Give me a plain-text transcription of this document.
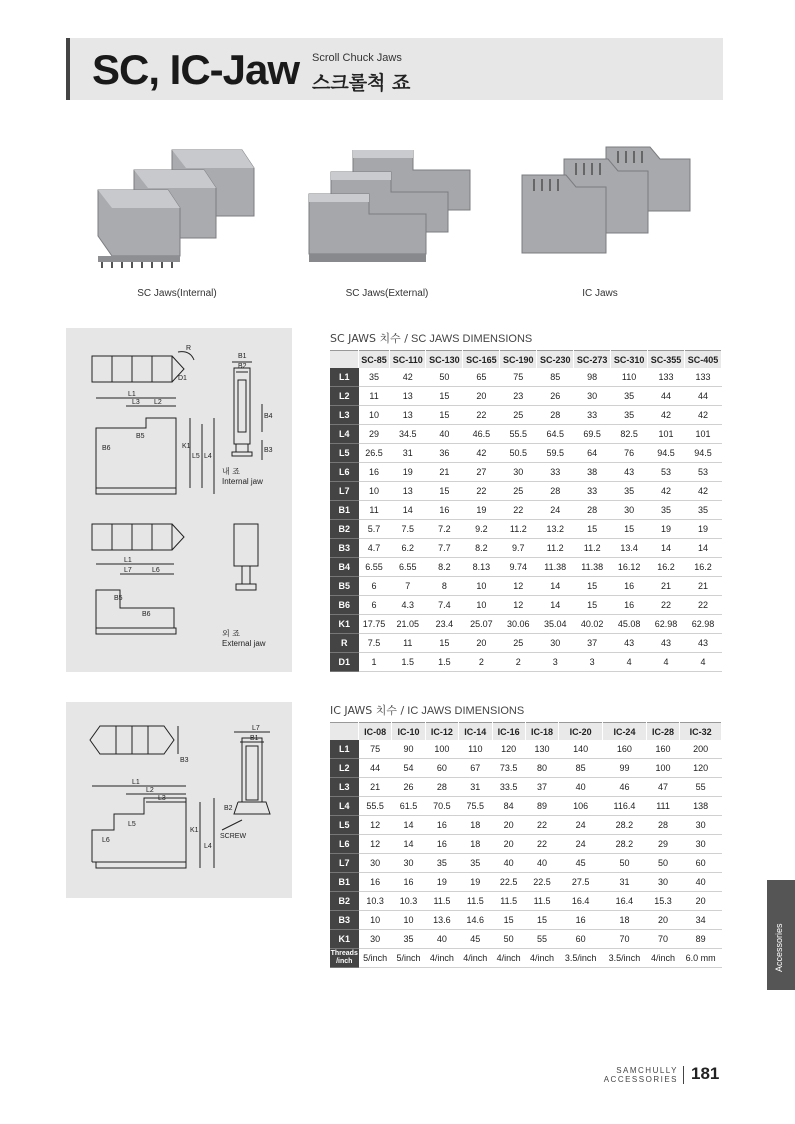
SC, IC-Jaw Scroll Chuck Jaws
스크롤척 죠
SC Jaws(Internal)	SC Jaws(External)	IC Jaws
R
D1
B1
B2
B4
B3
L1
L3 L2
B5
B6	K1
L5 L4
L1
L7	L6
B5
B6
내 죠
Internal jaw
외 죠
External jaw
SC JAWS 치수 / SC JAWS DIMENSIONS
	SC-85	SC-110	SC-130	SC-165	SC-190	SC-230	SC-273	SC-310	SC-355	SC-405
L1	35	42	50	65	75	85	98	110	133	133
L2	11	13	15	20	23	26	30	35	44	44
L3	10	13	15	22	25	28	33	35	42	42
L4	29	34.5	40	46.5	55.5	64.5	69.5	82.5	101	101
L5	26.5	31	36	42	50.5	59.5	64	76	94.5	94.5
L6	16	19	21	27	30	33	38	43	53	53
L7	10	13	15	22	25	28	33	35	42	42
B1	11	14	16	19	22	24	28	30	35	35
B2	5.7	7.5	7.2	9.2	11.2	13.2	15	15	19	19
B3	4.7	6.2	7.7	8.2	9.7	11.2	11.2	13.4	14	14
B4	6.55	6.55	8.2	8.13	9.74	11.38	11.38	16.12	16.2	16.2
B5	6	7	8	10	12	14	15	16	21	21
B6	6	4.3	7.4	10	12	14	15	16	22	22
K1	17.75	21.05	23.4	25.07	30.06	35.04	40.02	45.08	62.98	62.98
R	7.5	11	15	20	25	30	37	43	43	43
D1	1	1.5	1.5	2	2	3	3	4	4	4
B3
L7
B1
B2
L1
L2
L3
L5
L6
K1
L4
SCREW
IC JAWS 치수 / IC JAWS DIMENSIONS
	IC-08	IC-10	IC-12	IC-14	IC-16	IC-18	IC-20	IC-24	IC-28	IC-32
L1	75	90	100	110	120	130	140	160	160	200
L2	44	54	60	67	73.5	80	85	99	100	120
L3	21	26	28	31	33.5	37	40	46	47	55
L4	55.5	61.5	70.5	75.5	84	89	106	116.4	111	138
L5	12	14	16	18	20	22	24	28.2	28	30
L6	12	14	16	18	20	22	24	28.2	29	30
L7	30	30	35	35	40	40	45	50	50	60
B1	16	16	19	19	22.5	22.5	27.5	31	30	40
B2	10.3	10.3	11.5	11.5	11.5	11.5	16.4	16.4	15.3	20
B3	10	10	13.6	14.6	15	15	16	18	20	34
K1	30	35	40	45	50	55	60	70	70	89
Threads
/inch	5/inch	5/inch	4/inch	4/inch	4/inch	4/inch	3.5/inch	3.5/inch	4/inch	6.0 mm	Accessories
SAMCHULLY
ACCESSORIES 181
